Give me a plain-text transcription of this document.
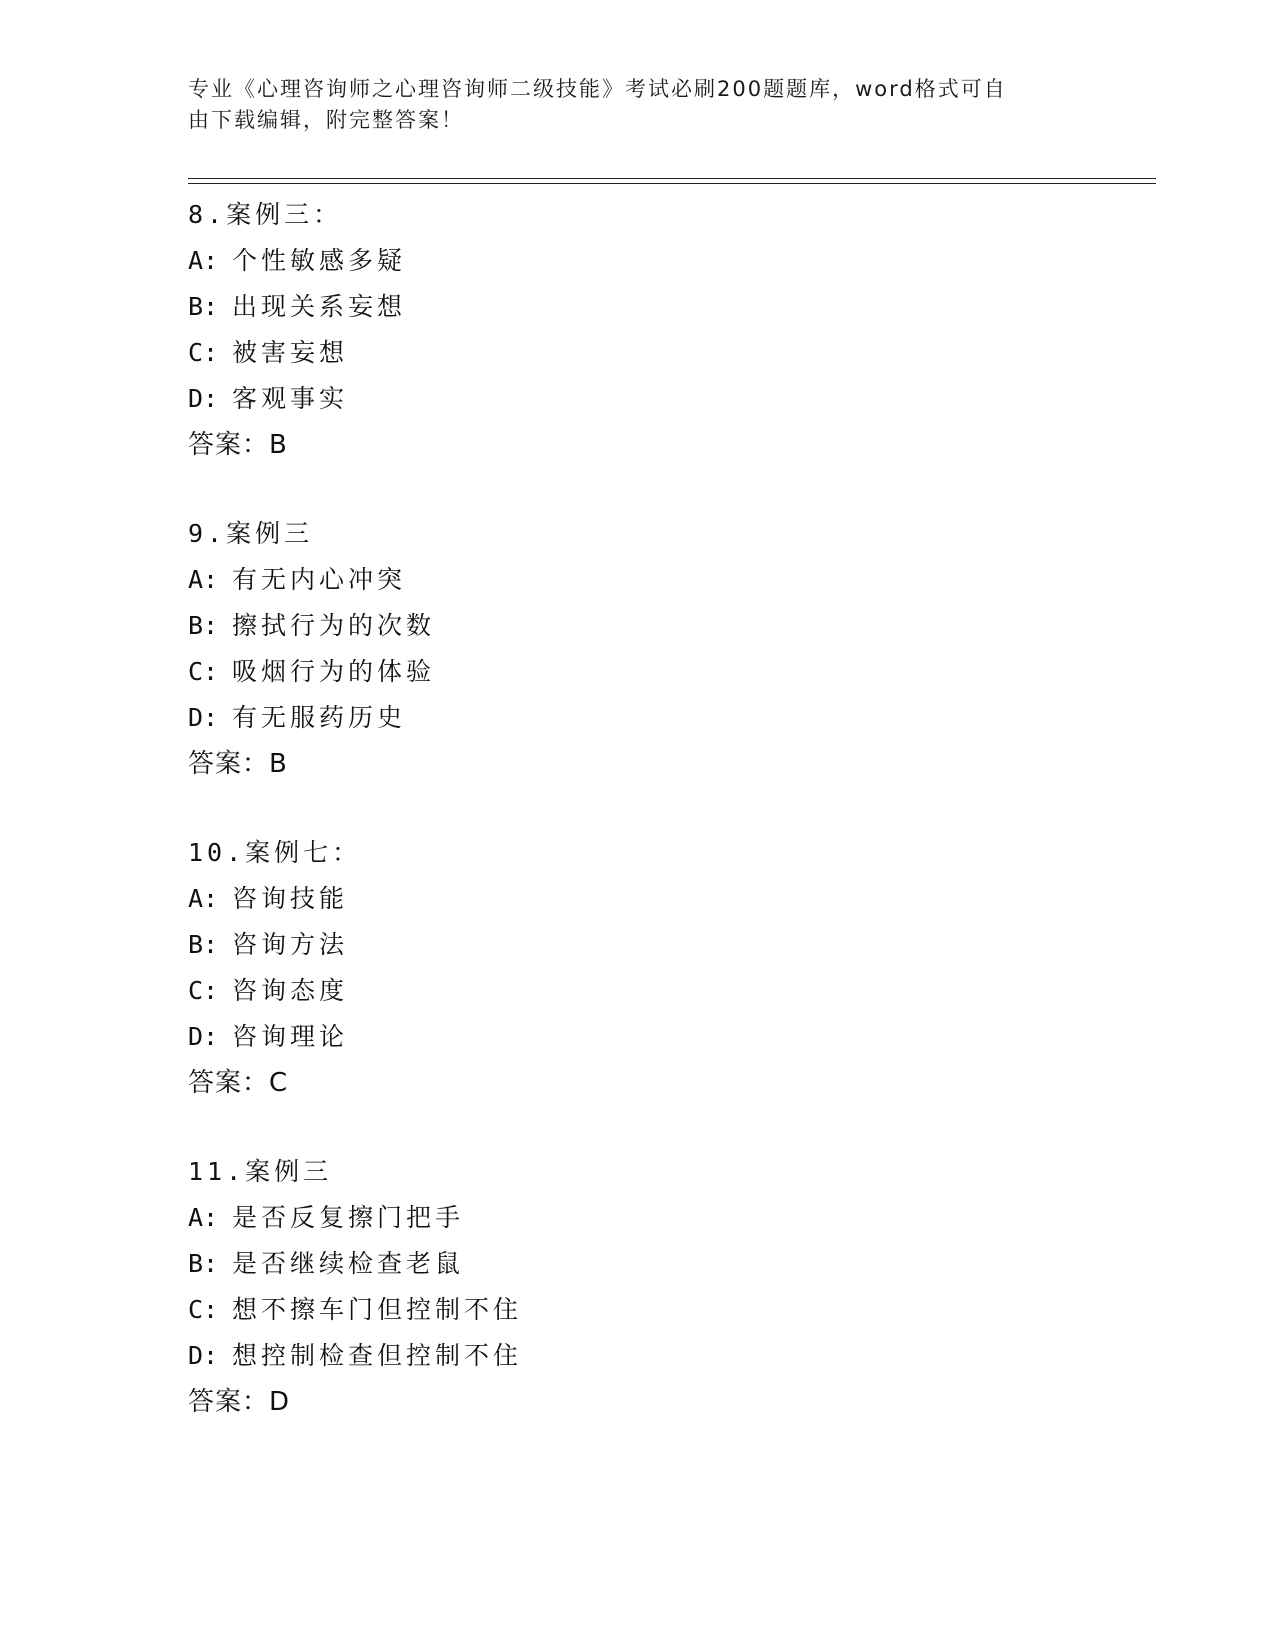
专业《心理咨询师之心理咨询师二级技能》考试必刷200题题库，word格式可自
由下载编辑，附完整答案！
8.案例三：
A: 个性敏感多疑
B: 出现关系妄想
C: 被害妄想
D: 客观事实
答案：B
9.案例三
A: 有无内心冲突
B: 擦拭行为的次数
C: 吸烟行为的体验
D: 有无服药历史
答案：B
10.案例七：
A: 咨询技能
B: 咨询方法
C: 咨询态度
D: 咨询理论
答案：C
11.案例三
A: 是否反复擦门把手
B: 是否继续检查老鼠
C: 想不擦车门但控制不住
D: 想控制检查但控制不住
答案：D
